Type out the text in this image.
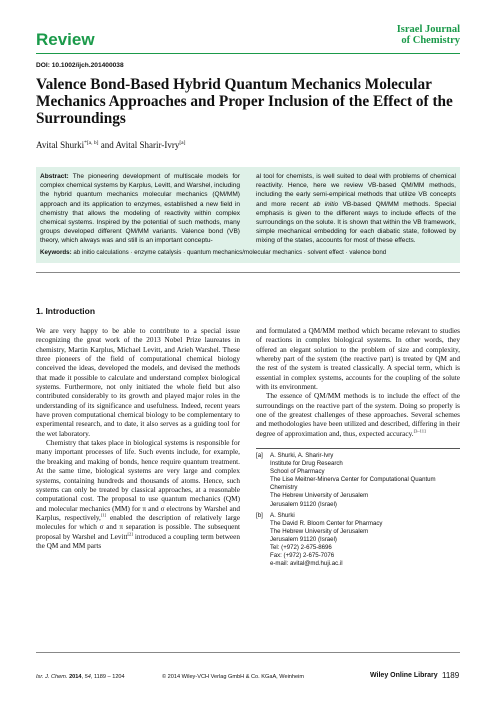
Review
Israel Journal
of Chemistry
DOI: 10.1002/ijch.201400038
Valence Bond-Based Hybrid Quantum Mechanics Molecular Mechanics Approaches and Proper Inclusion of the Effect of the Surroundings
Avital Shurki$^{*[a, b]}$ and Avital Sharir-Ivry[a]
Abstract: The pioneering development of multiscale models for complex chemical systems by Karplus, Levitt, and Warshel, including the hybrid quantum mechanics molecular mechanics (QM/MM) approach and its application to enzymes, established a new field in chemistry that allows the modeling of reactivity within complex chemical systems. Inspired by the potential of such methods, many groups developed different QM/MM variants. Valence bond (VB) theory, which always was and still is an important conceptu-
al tool for chemists, is well suited to deal with problems of chemical reactivity. Hence, here we review VB-based QM/MM methods, including the early semi-empirical methods that utilize VB concepts and more recent ab initio VB-based QM/MM methods. Special emphasis is given to the different ways to include effects of the surroundings on the solute. It is shown that within the VB framework, simple mechanical embedding for each diabatic state, followed by mixing of the states, accounts for most of these effects.
Keywords: ab initio calculations · enzyme catalysis · quantum mechanics/molecular mechanics · solvent effect · valence bond
1. Introduction

We are very happy to be able to contribute to a special issue recognizing the great work of the 2013 Nobel Prize laureates in chemistry, Martin Karplus, Michael Levitt, and Arieh Warshel. These three pioneers of the field of computational chemical biology conceived the ideas, developed the models, and devised the methods that made it possible to calculate and understand complex biological systems. Furthermore, not only initiated the whole field but also contributed considerably to its growth and played major roles in the understanding of its significance and usefulness. Indeed, recent years have proven computational chemical biology to be complementary to experimental research, and to date, it also serves as a guiding tool for the wet laboratory.

Chemistry that takes place in biological systems is responsible for many important processes of life. Such events include, for example, the breaking and making of bonds, hence require quantum treatment. At the same time, biological systems are very large and complex systems, containing hundreds and thousands of atoms. Hence, such systems can only be treated by classical approaches, at a reasonable computational cost. The proposal to use quantum mechanics (QM) and molecular mechanics (MM) for π and σ electrons by Warshel and Karplus, respectively,[1] enabled the description of relatively large molecules for which σ and π separation is possible. The subsequent proposal by Warshel and Levitt[2] introduced a coupling term between the QM and MM parts

and formulated a QM/MM method which became relevant to studies of reactions in complex biological systems. In other words, they offered an elegant solution to the problem of size and complexity, whereby part of the system (the reactive part) is treated by QM and the rest of the system is treated classically. A special term, which is essential in complex systems, accounts for the coupling of the solute with its environment.

The essence of QM/MM methods is to include the effect of the surroundings on the reactive part of the system. Doing so properly is one of the greatest challenges of these approaches. Several schemes and methodologies have been utilized and described, differing in their degree of approximation and, thus, expected accuracy.[3–11]

[a]	A. Shurki, A. Sharir-Ivry
Institute for Drug Research
School of Pharmacy
The Lise Meitner-Minerva Center for Computational Quantum
Chemistry
The Hebrew University of Jerusalem
Jerusalem 91120 (Israel)
[b]	A. Shurki
The David R. Bloom Center for Pharmacy
The Hebrew University of Jerusalem
Jerusalem 91120 (Israel)
Tel: (+972) 2-675-8696
Fax: (+972) 2-675-7076
e-mail: avital@md.huji.ac.il
Isr. J. Chem. 2014, 54, 1189 – 1204	© 2014 Wiley-VCH Verlag GmbH & Co. KGaA, Weinheim	Wiley Online Library 1189
